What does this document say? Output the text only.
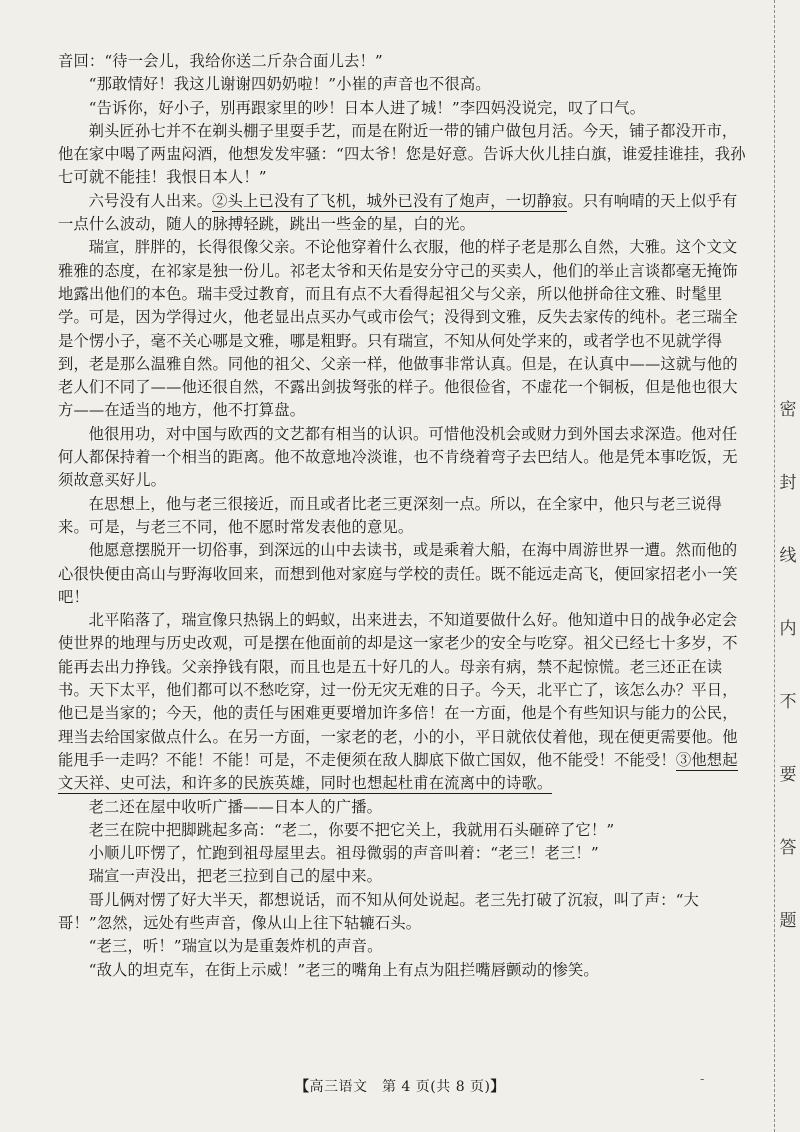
音回：“待一会儿，我给你送二斤杂合面儿去！”

“那敢情好！我这儿谢谢四奶奶啦！”小崔的声音也不很高。

“告诉你，好小子，别再跟家里的吵！日本人进了城！”李四妈没说完，叹了口气。

剃头匠孙七并不在剃头棚子里耍手艺，而是在附近一带的铺户做包月活。今天，铺子都没开市，他在家中喝了两盅闷酒，他想发发牢骚：“四太爷！您是好意。告诉大伙儿挂白旗，谁爱挂谁挂，我孙七可就不能挂！我恨日本人！”

六号没有人出来。②头上已没有了飞机，城外已没有了炮声，一切静寂。只有响晴的天上似乎有一点什么波动，随人的脉搏轻跳，跳出一些金的星，白的光。

瑞宣，胖胖的，长得很像父亲。不论他穿着什么衣服，他的样子老是那么自然，大雅。这个文文雅雅的态度，在祁家是独一份儿。祁老太爷和天佑是安分守己的买卖人，他们的举止言谈都毫无掩饰地露出他们的本色。瑞丰受过教育，而且有点不大看得起祖父与父亲，所以他拼命往文雅、时髦里学。可是，因为学得过火，他老显出点买办气或市侩气；没得到文雅，反失去家传的纯朴。老三瑞全是个愣小子，毫不关心哪是文雅，哪是粗野。只有瑞宣，不知从何处学来的，或者学也不见就学得到，老是那么温雅自然。同他的祖父、父亲一样，他做事非常认真。但是，在认真中——这就与他的老人们不同了——他还很自然，不露出剑拔弩张的样子。他很俭省，不虚花一个铜板，但是他也很大方——在适当的地方，他不打算盘。

他很用功，对中国与欧西的文艺都有相当的认识。可惜他没机会或财力到外国去求深造。他对任何人都保持着一个相当的距离。他不故意地冷淡谁，也不肯绕着弯子去巴结人。他是凭本事吃饭，无须故意买好儿。

在思想上，他与老三很接近，而且或者比老三更深刻一点。所以，在全家中，他只与老三说得来。可是，与老三不同，他不愿时常发表他的意见。

他愿意摆脱开一切俗事，到深远的山中去读书，或是乘着大船，在海中周游世界一遭。然而他的心很快便由高山与野海收回来，而想到他对家庭与学校的责任。既不能远走高飞，便回家招老小一笑吧！

北平陷落了，瑞宣像只热锅上的蚂蚁，出来进去，不知道要做什么好。他知道中日的战争必定会使世界的地理与历史改观，可是摆在他面前的却是这一家老少的安全与吃穿。祖父已经七十多岁，不能再去出力挣钱。父亲挣钱有限，而且也是五十好几的人。母亲有病，禁不起惊慌。老三还正在读书。天下太平，他们都可以不愁吃穿，过一份无灾无难的日子。今天，北平亡了，该怎么办？平日，他已是当家的；今天，他的责任与困难更要增加许多倍！在一方面，他是个有些知识与能力的公民，理当去给国家做点什么。在另一方面，一家老的老，小的小，平日就依仗着他，现在便更需要他。他能甩手一走吗？不能！不能！可是，不走便须在敌人脚底下做亡国奴，他不能受！不能受！③他想起文天祥、史可法，和许多的民族英雄，同时也想起杜甫在流离中的诗歌。

老二还在屋中收听广播——日本人的广播。

老三在院中把脚跳起多高：“老二，你要不把它关上，我就用石头砸碎了它！”

小顺儿吓愣了，忙跑到祖母屋里去。祖母微弱的声音叫着：“老三！老三！”

瑞宣一声没出，把老三拉到自己的屋中来。

哥儿俩对愣了好大半天，都想说话，而不知从何处说起。老三先打破了沉寂，叫了声：“大哥！”忽然，远处有些声音，像从山上往下轱辘石头。

“老三，听！”瑞宣以为是重轰炸机的声音。

“敌人的坦克车，在街上示威！”老三的嘴角上有点为阻拦嘴唇颤动的惨笑。

密
封
线
内
不
要
答
题
【高三语文　 第 4 页(共 8 页)】	-
